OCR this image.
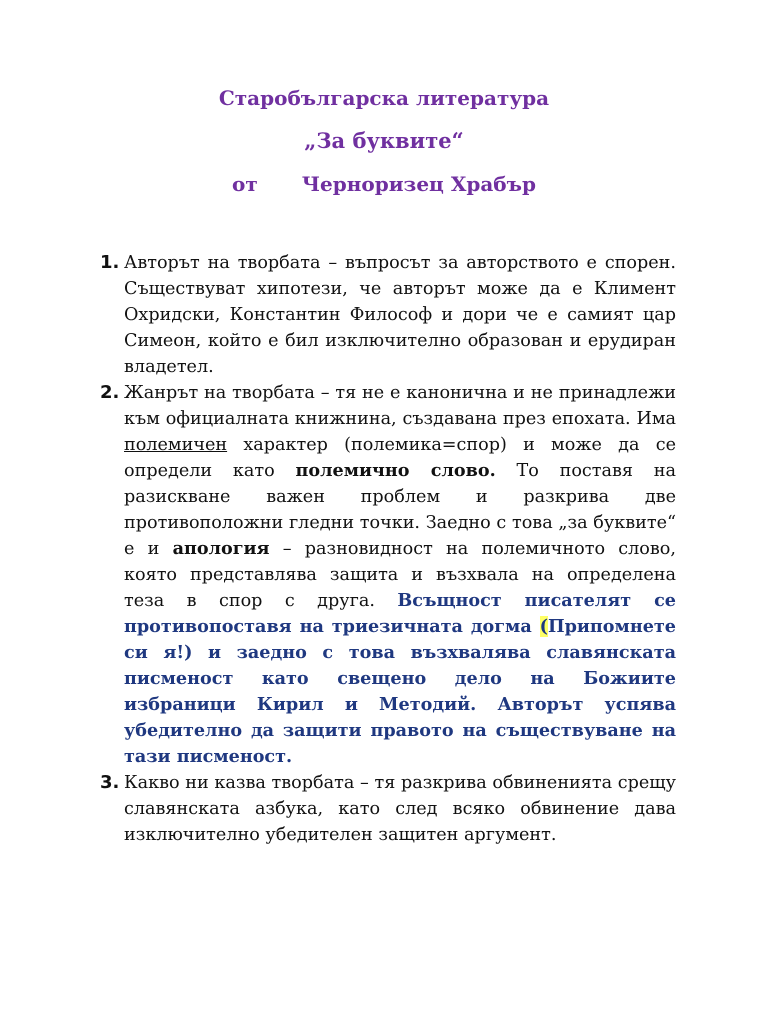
Старобългарска литература
„За буквите“
от Черноризец Храбър
1. Авторът на творбата – въпросът за авторството е спорен. Съществуват хипотези, че авторът може да е Климент Охридски, Константин Философ и дори че е самият цар Симеон, който е бил изключително образован и ерудиран владетел.
2. Жанрът на творбата – тя не е канонична и не принадлежи към официалната книжнина, създавана през епохата. Има полемичен характер (полемика=спор) и може да се определи като полемично слово. То поставя на разискване важен проблем и разкрива две противоположни гледни точки. Заедно с това „за буквите“ е и апология – разновидност на полемичното слово, която представлява защита и възхвала на определена теза в спор с друга. Всъщност писателят се противопоставя на триезичната догма (Припомнете си я!) и заедно с това възхвалява славянската писменост като свещено дело на Божиите избраници Кирил и Методий. Авторът успява убедително да защити правото на съществуване на тази писменост.
3. Какво ни казва творбата – тя разкрива обвиненията срещу славянската азбука, като след всяко обвинение дава изключително убедителен защитен аргумент.
